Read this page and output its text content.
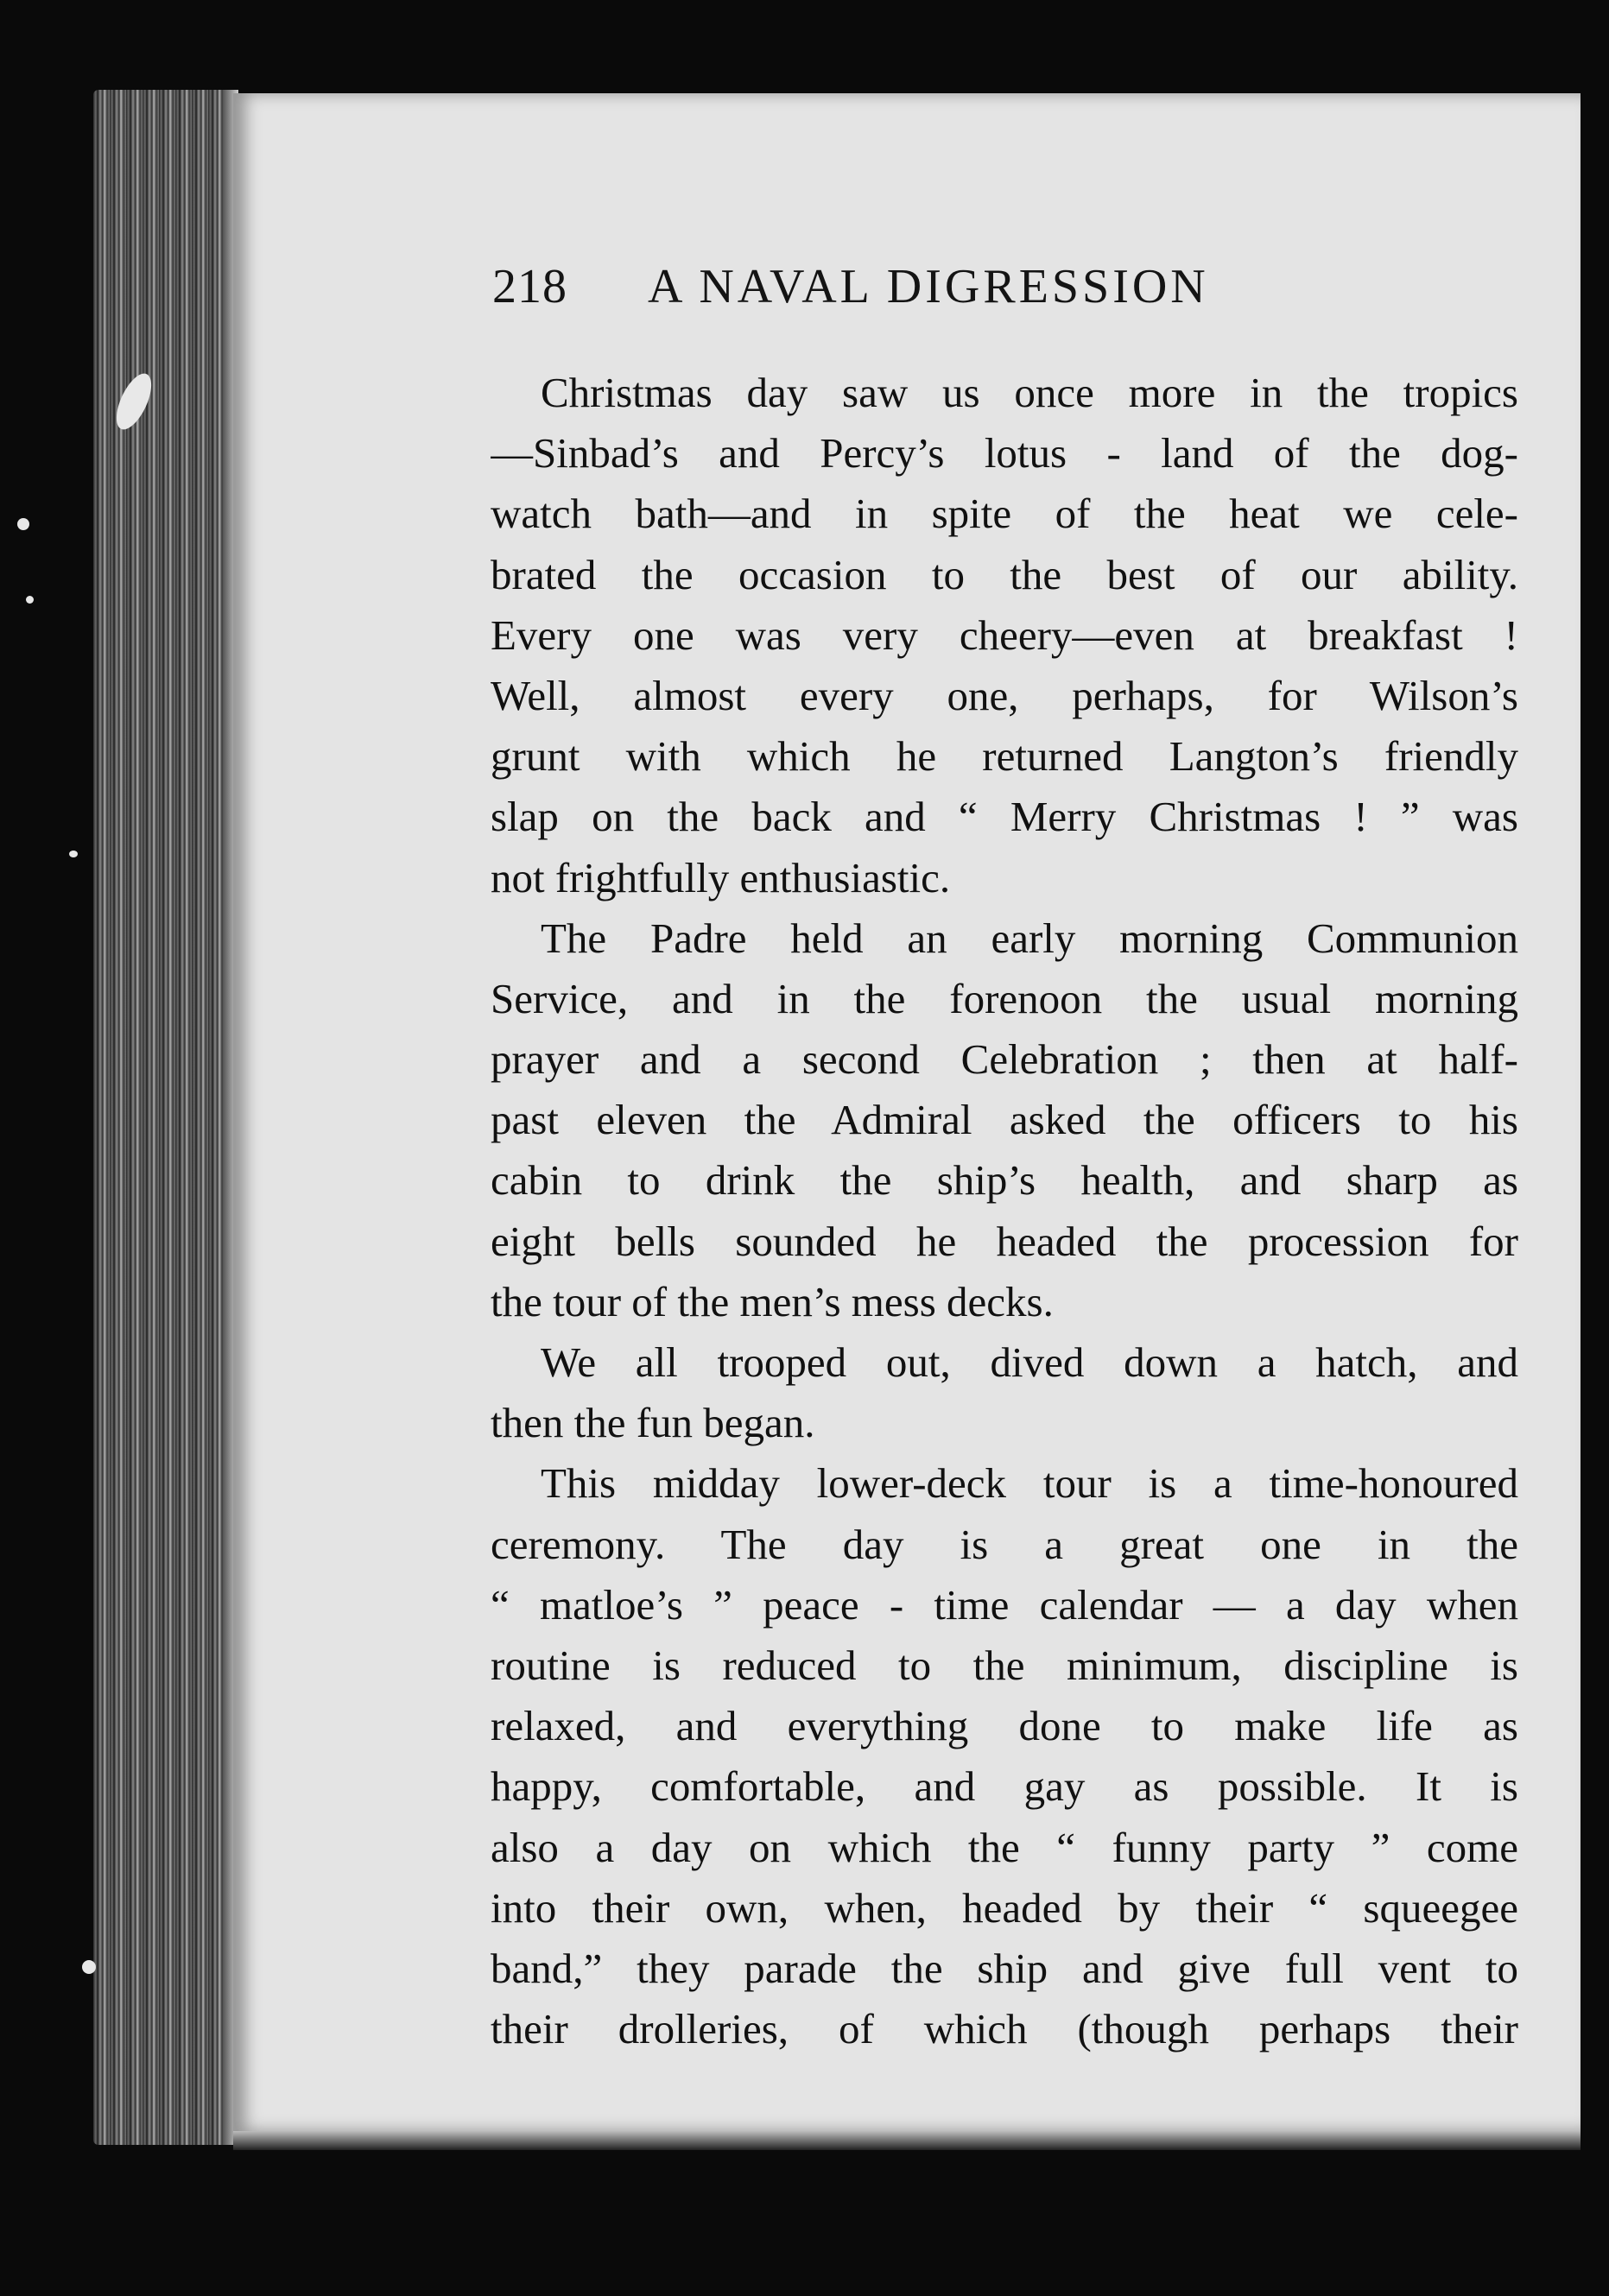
218	A NAVAL DIGRESSION
Christmas day saw us once more in the tropics
—Sinbad’s and Percy’s lotus - land of the dog-
watch bath—and in spite of the heat we cele-
brated the occasion to the best of our ability.
Every one was very cheery—even at breakfast !
Well, almost every one, perhaps, for Wilson’s
grunt with which he returned Langton’s friendly
slap on the back and “ Merry Christmas ! ” was
not frightfully enthusiastic.
The Padre held an early morning Communion
Service, and in the forenoon the usual morning
prayer and a second Celebration ; then at half-
past eleven the Admiral asked the officers to his
cabin to drink the ship’s health, and sharp as
eight bells sounded he headed the procession for
the tour of the men’s mess decks.
We all trooped out, dived down a hatch, and
then the fun began.
This midday lower-deck tour is a time-honoured
ceremony. The day is a great one in the
“ matloe’s ” peace - time calendar — a day when
routine is reduced to the minimum, discipline is
relaxed, and everything done to make life as
happy, comfortable, and gay as possible. It is
also a day on which the “ funny party ” come
into their own, when, headed by their “ squeegee
band,” they parade the ship and give full vent to
their drolleries, of which (though perhaps their
